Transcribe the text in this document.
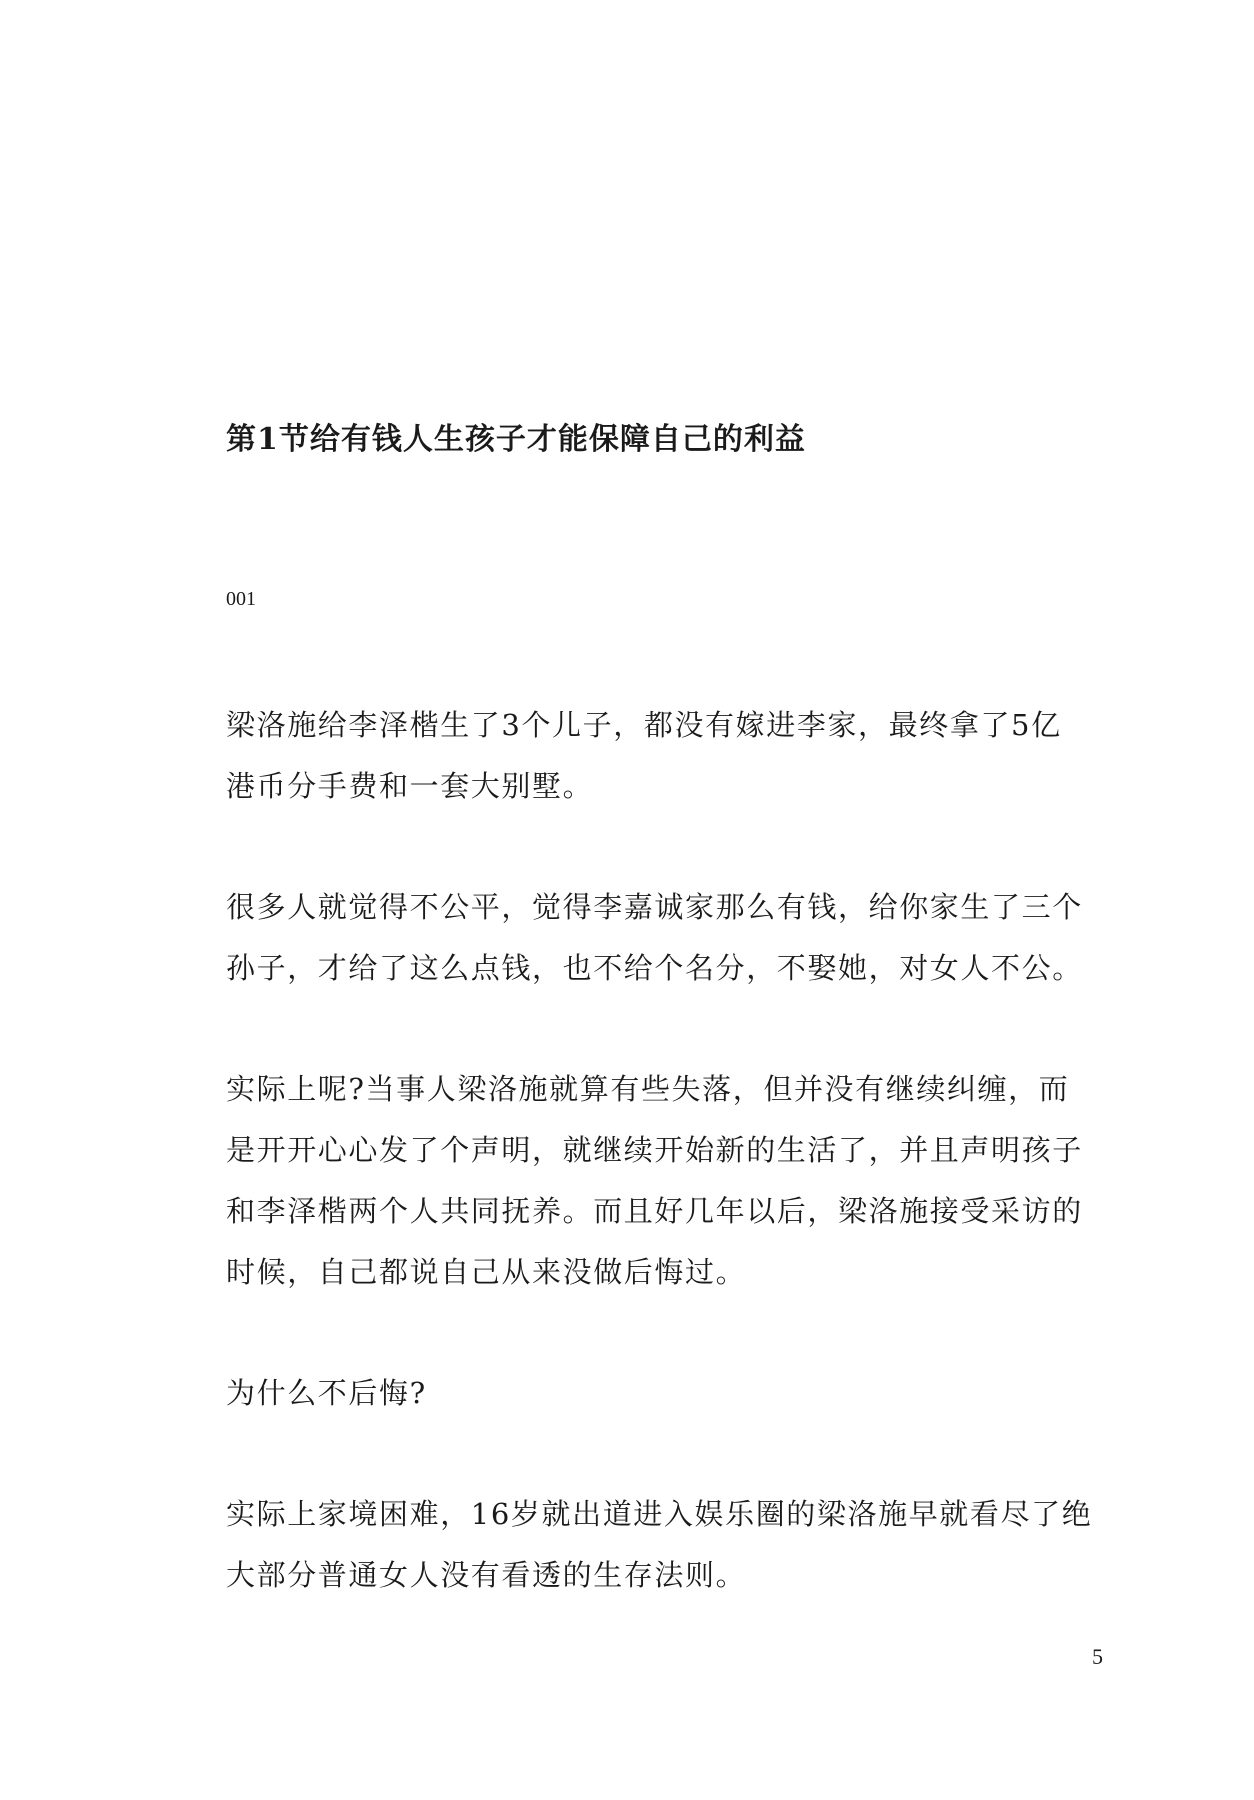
第1节给有钱人生孩子才能保障自己的利益
001

梁洛施给李泽楷生了3个儿子，都没有嫁进李家，最终拿了5亿
港币分手费和一套大别墅。

很多人就觉得不公平，觉得李嘉诚家那么有钱，给你家生了三个
孙子，才给了这么点钱，也不给个名分，不娶她，对女人不公。

实际上呢?当事人梁洛施就算有些失落，但并没有继续纠缠，而
是开开心心发了个声明，就继续开始新的生活了，并且声明孩子
和李泽楷两个人共同抚养。而且好几年以后，梁洛施接受采访的
时候，自己都说自己从来没做后悔过。

为什么不后悔?

实际上家境困难，16岁就出道进入娱乐圈的梁洛施早就看尽了绝
大部分普通女人没有看透的生存法则。

5
